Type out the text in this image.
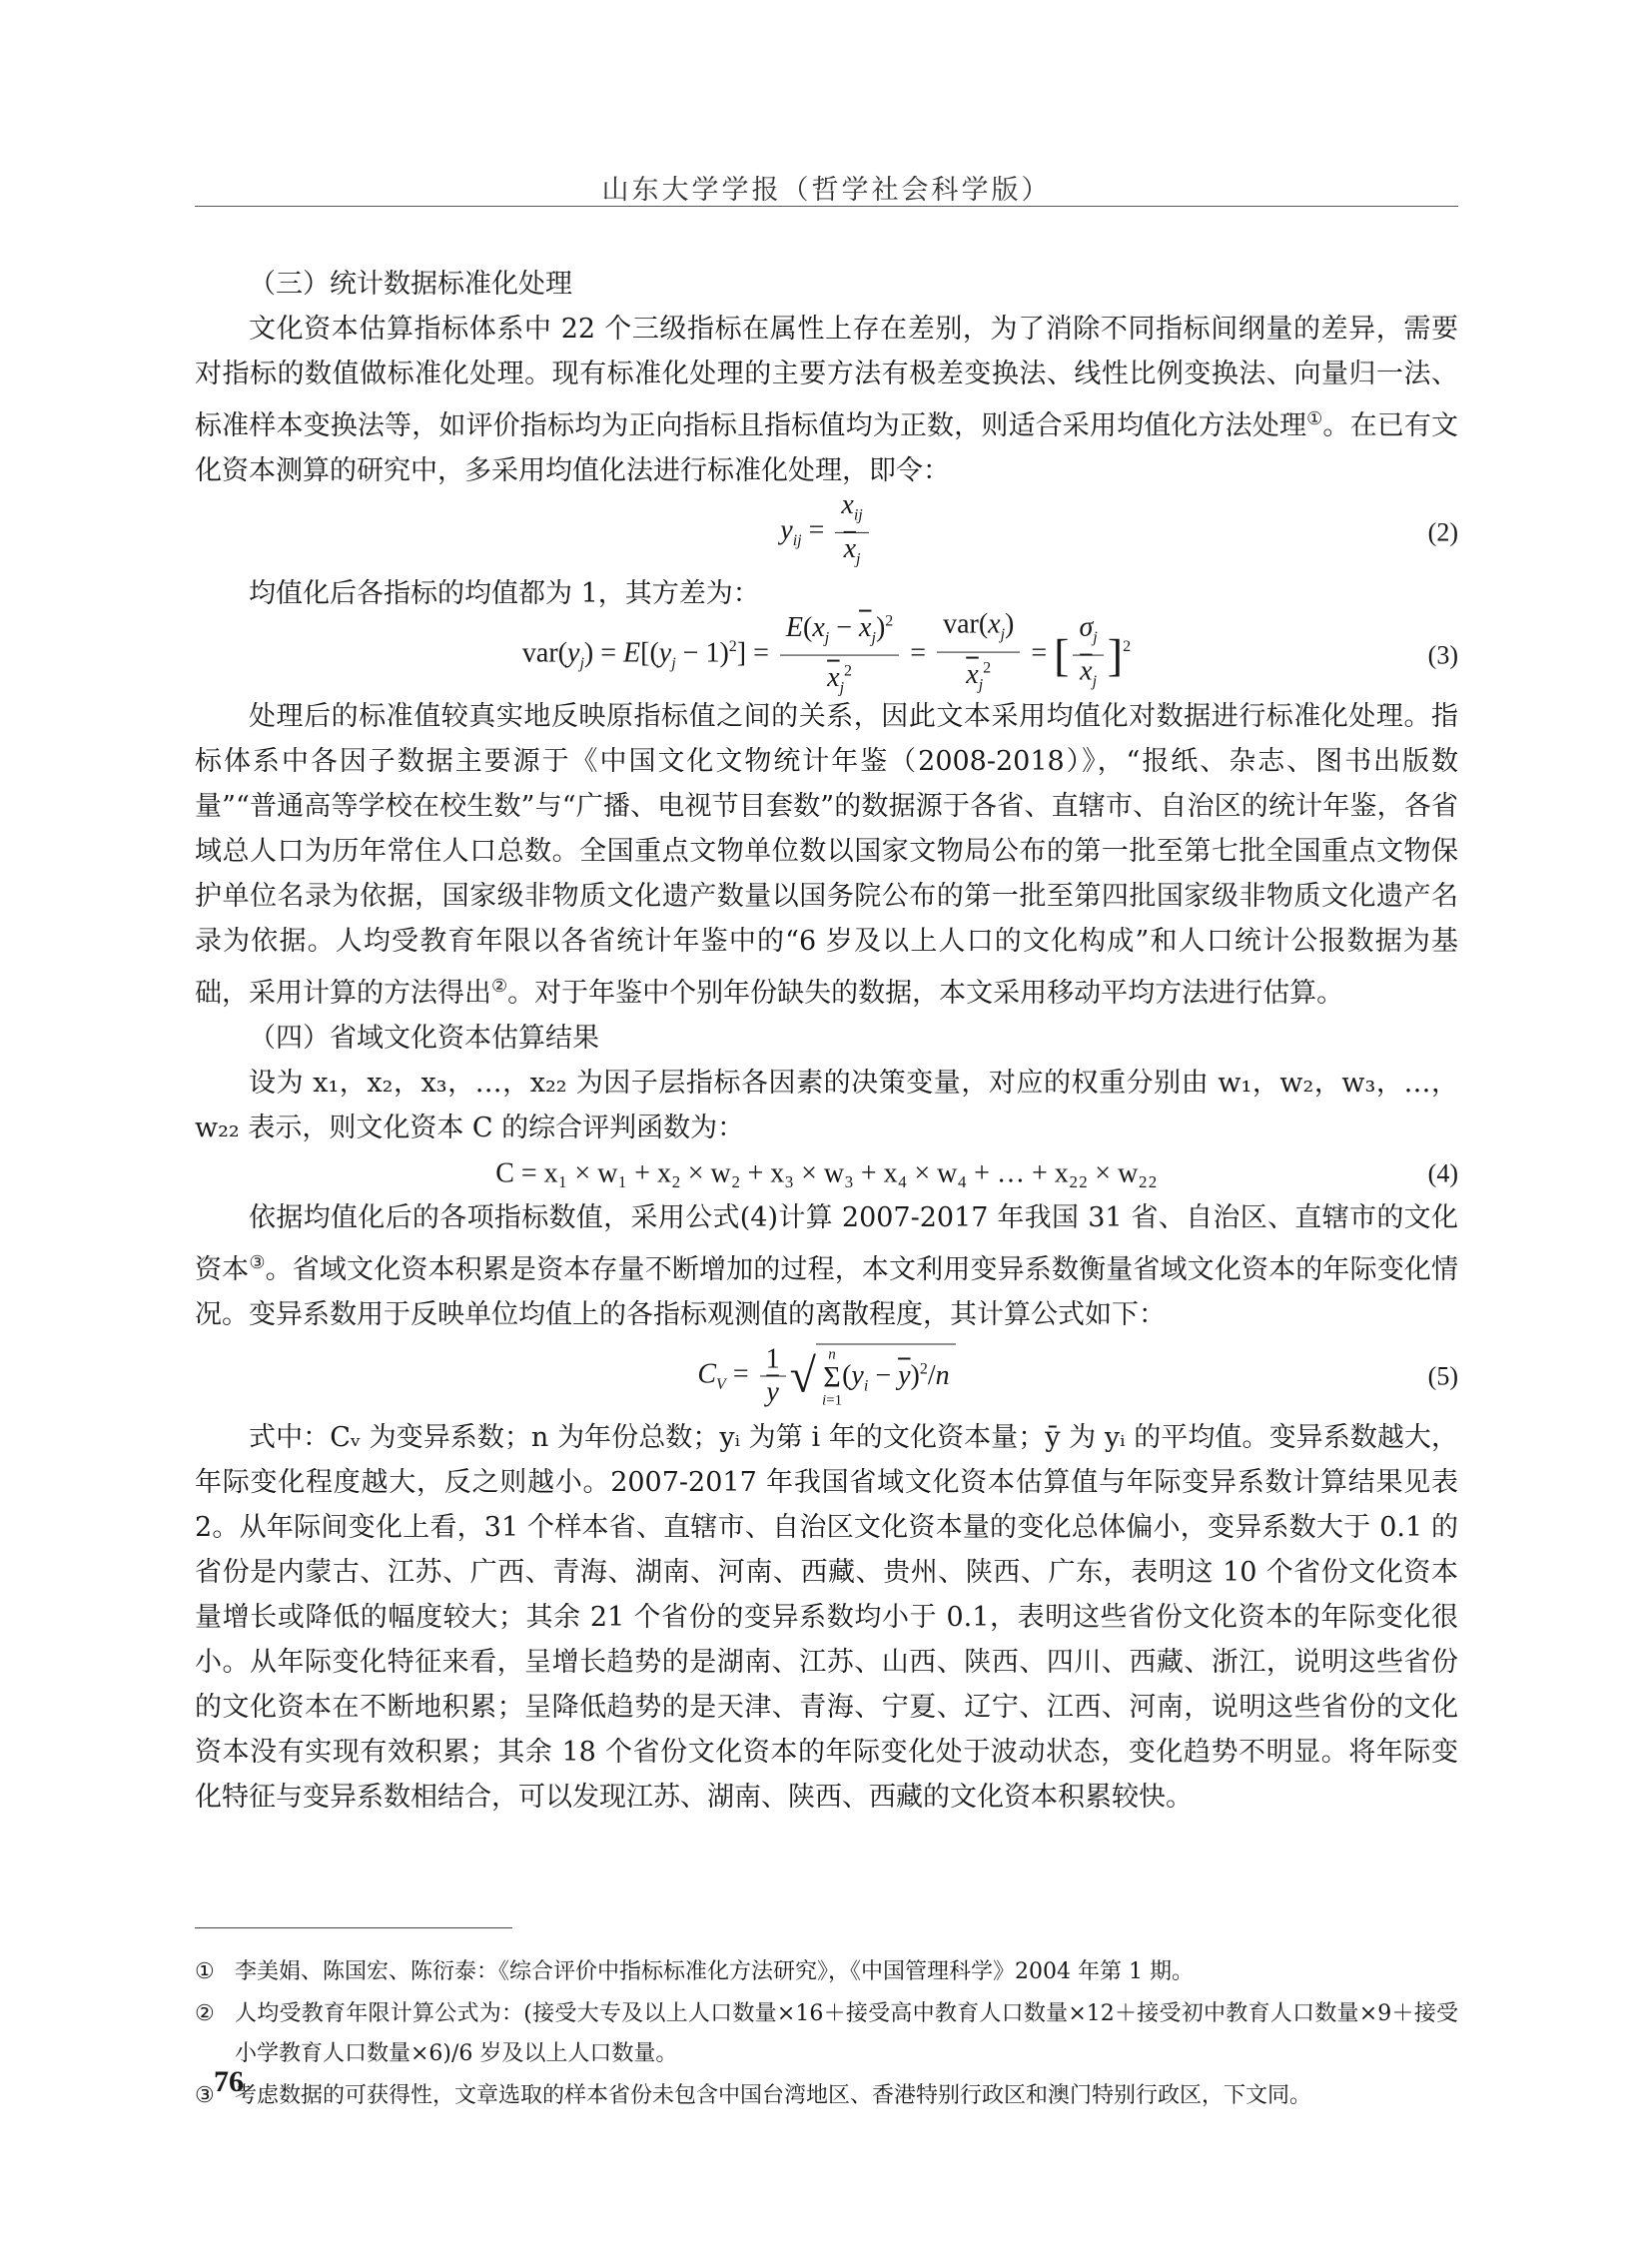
山东大学学报（哲学社会科学版）

（三）统计数据标准化处理

文化资本估算指标体系中 22 个三级指标在属性上存在差别，为了消除不同指标间纲量的差异，需要对指标的数值做标准化处理。现有标准化处理的主要方法有极差变换法、线性比例变换法、向量归一法、标准样本变换法等，如评价指标均为正向指标且指标值均为正数，则适合采用均值化方法处理①。在已有文化资本测算的研究中，多采用均值化法进行标准化处理，即令：

$y_{ij} = \frac{x_{ij}}{\overline{x}_j}$	(2)

均值化后各指标的均值都为 1，其方差为：

$var(y_j) = E[(y_j - 1)^2] = \frac{E(x_j - \overline{x}_j)^2}{\overline{x}_j^2} = \frac{var(x_j)}{\overline{x}_j^2}$ = [ $\frac{\sigma_j}{\overline{x}_j} ]^2$	(3)

处理后的标准值较真实地反映原指标值之间的关系，因此文本采用均值化对数据进行标准化处理。指标体系中各因子数据主要源于《中国文化文物统计年鉴（2008-2018）》，“报纸、杂志、图书出版数量”“普通高等学校在校生数”与“广播、电视节目套数”的数据源于各省、直辖市、自治区的统计年鉴，各省域总人口为历年常住人口总数。全国重点文物单位数以国家文物局公布的第一批至第七批全国重点文物保护单位名录为依据，国家级非物质文化遗产数量以国务院公布的第一批至第四批国家级非物质文化遗产名录为依据。人均受教育年限以各省统计年鉴中的“6 岁及以上人口的文化构成”和人口统计公报数据为基础，采用计算的方法得出②。对于年鉴中个别年份缺失的数据，本文采用移动平均方法进行估算。

（四）省域文化资本估算结果

设为 x₁，x₂，x₃，…，x₂₂ 为因子层指标各因素的决策变量，对应的权重分别由 w₁，w₂，w₃，…，w₂₂ 表示，则文化资本 C 的综合评判函数为：

C = x₁ × w₁ + x₂ × w₂ + x₃ × w₃ + x₄ × w₄ + … + x₂₂ × w₂₂	(4)

依据均值化后的各项指标数值，采用公式(4)计算 2007-2017 年我国 31 省、自治区、直辖市的文化资本③。省域文化资本积累是资本存量不断增加的过程，本文利用变异系数衡量省域文化资本的年际变化情况。变异系数用于反映单位均值上的各指标观测值的离散程度，其计算公式如下：

$C_V = \frac{1}{y}$ √ n
Σ
$i=1(y_i - \overline{y})^2/n$	(5)

式中：Cᵥ 为变异系数；n 为年份总数；yᵢ 为第 i 年的文化资本量；ȳ 为 yᵢ 的平均值。变异系数越大，年际变化程度越大，反之则越小。2007-2017 年我国省域文化资本估算值与年际变异系数计算结果见表 2。从年际间变化上看，31 个样本省、直辖市、自治区文化资本量的变化总体偏小，变异系数大于 0.1 的省份是内蒙古、江苏、广西、青海、湖南、河南、西藏、贵州、陕西、广东，表明这 10 个省份文化资本量增长或降低的幅度较大；其余 21 个省份的变异系数均小于 0.1，表明这些省份文化资本的年际变化很小。从年际变化特征来看，呈增长趋势的是湖南、江苏、山西、陕西、四川、西藏、浙江，说明这些省份的文化资本在不断地积累；呈降低趋势的是天津、青海、宁夏、辽宁、江西、河南，说明这些省份的文化资本没有实现有效积累；其余 18 个省份文化资本的年际变化处于波动状态，变化趋势不明显。将年际变化特征与变异系数相结合，可以发现江苏、湖南、陕西、西藏的文化资本积累较快。

① 李美娟、陈国宏、陈衍泰：《综合评价中指标标准化方法研究》，《中国管理科学》2004 年第 1 期。
② 人均受教育年限计算公式为：(接受大专及以上人口数量×16＋接受高中教育人口数量×12＋接受初中教育人口数量×9＋接受小学教育人口数量×6)/6 岁及以上人口数量。
③ 考虑数据的可获得性，文章选取的样本省份未包含中国台湾地区、香港特别行政区和澳门特别行政区，下文同。
76
